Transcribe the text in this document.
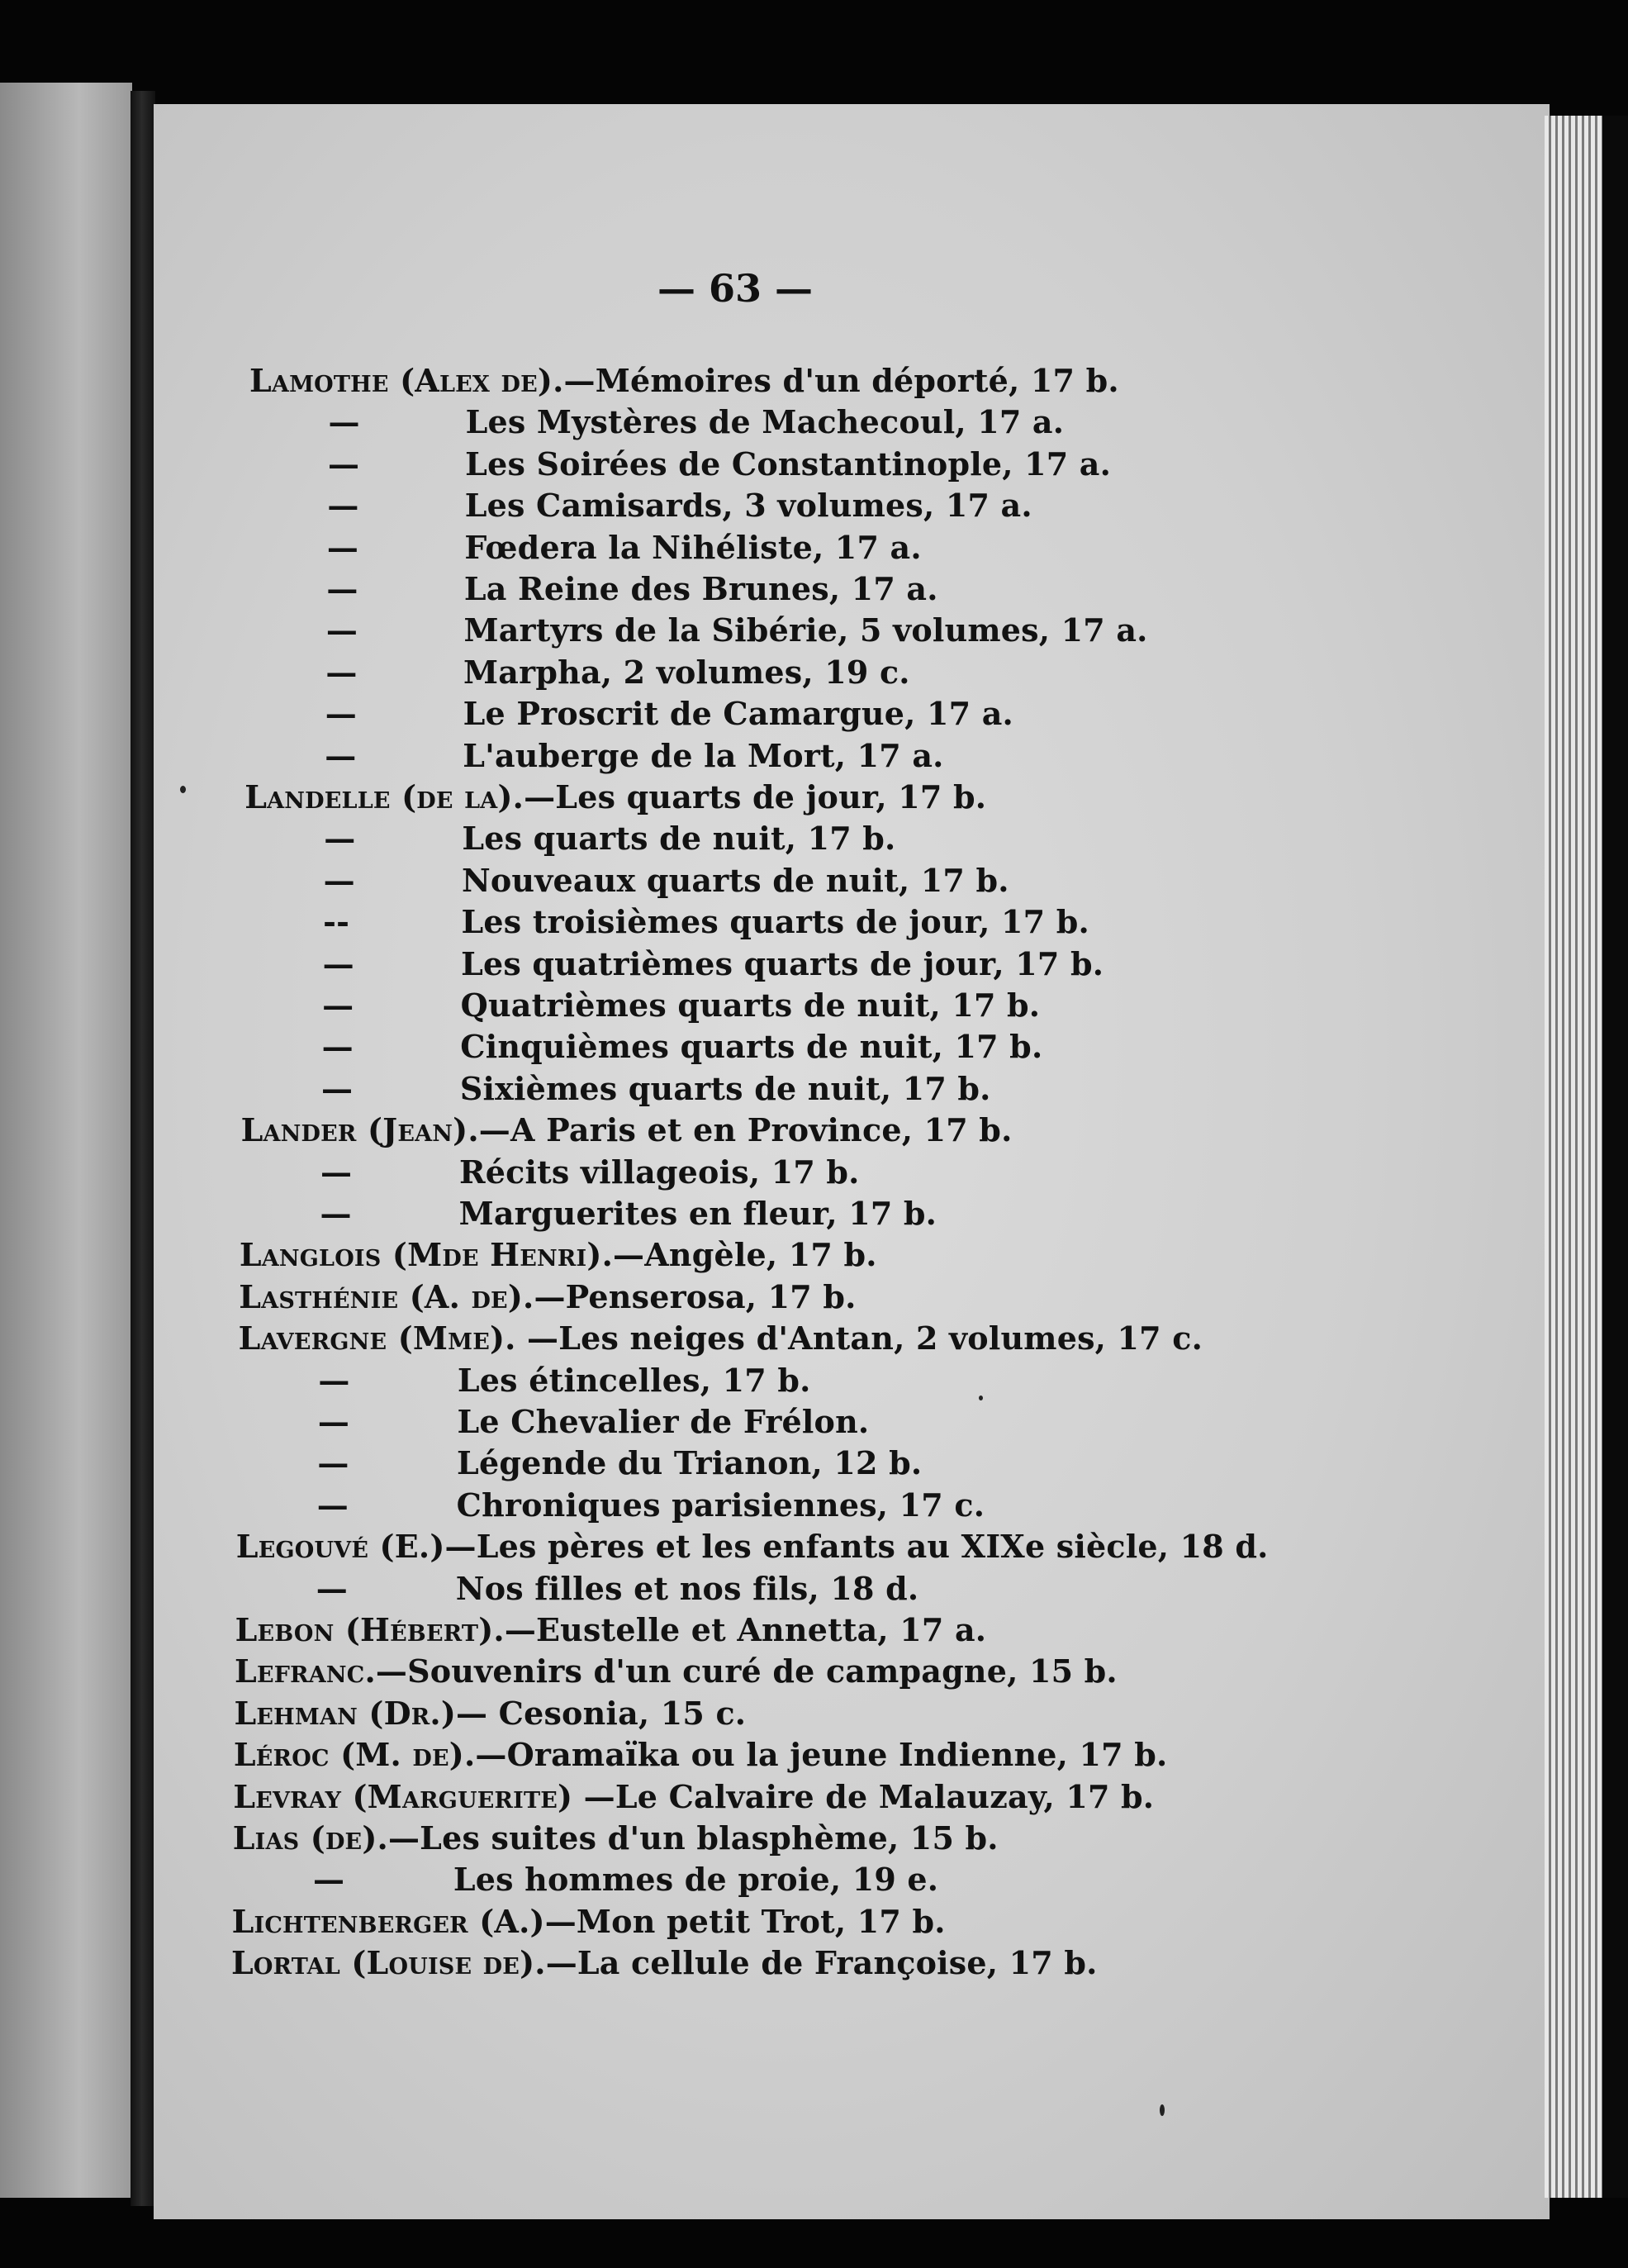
— 63 —
Lamothe (Alex de).—Mémoires d'un déporté, 17 b.
—	Les Mystères de Machecoul, 17 a.
—	Les Soirées de Constantinople, 17 a.
—	Les Camisards, 3 volumes, 17 a.
—	Fœdera la Nihéliste, 17 a.
—	La Reine des Brunes, 17 a.
—	Martyrs de la Sibérie, 5 volumes, 17 a.
—	Marpha, 2 volumes, 19 c.
—	Le Proscrit de Camargue, 17 a.
—	L'auberge de la Mort, 17 a.
Landelle (de la).—Les quarts de jour, 17 b.
—	Les quarts de nuit, 17 b.
—	Nouveaux quarts de nuit, 17 b.
--	Les troisièmes quarts de jour, 17 b.
—	Les quatrièmes quarts de jour, 17 b.
—	Quatrièmes quarts de nuit, 17 b.
—	Cinquièmes quarts de nuit, 17 b.
—	Sixièmes quarts de nuit, 17 b.
Lander (Jean).—A Paris et en Province, 17 b.
—	Récits villageois, 17 b.
—	Marguerites en fleur, 17 b.
Langlois (Mde Henri).—Angèle, 17 b.
Lasthénie (A. de).—Penserosa, 17 b.
Lavergne (Mme). —Les neiges d'Antan, 2 volumes, 17 c.
—	Les étincelles, 17 b.
—	Le Chevalier de Frélon.
—	Légende du Trianon, 12 b.
—	Chroniques parisiennes, 17 c.
Legouvé (E.)—Les pères et les enfants au XIXe siècle, 18 d.
—	Nos filles et nos fils, 18 d.
Lebon (Hébert).—Eustelle et Annetta, 17 a.
Lefranc.—Souvenirs d'un curé de campagne, 15 b.
Lehman (Dr.)— Cesonia, 15 c.
Léroc (M. de).—Oramaïka ou la jeune Indienne, 17 b.
Levray (Marguerite) —Le Calvaire de Malauzay, 17 b.
Lias (de).—Les suites d'un blasphème, 15 b.
—	Les hommes de proie, 19 e.
Lichtenberger (A.)—Mon petit Trot, 17 b.
Lortal (Louise de).—La cellule de Françoise, 17 b.
